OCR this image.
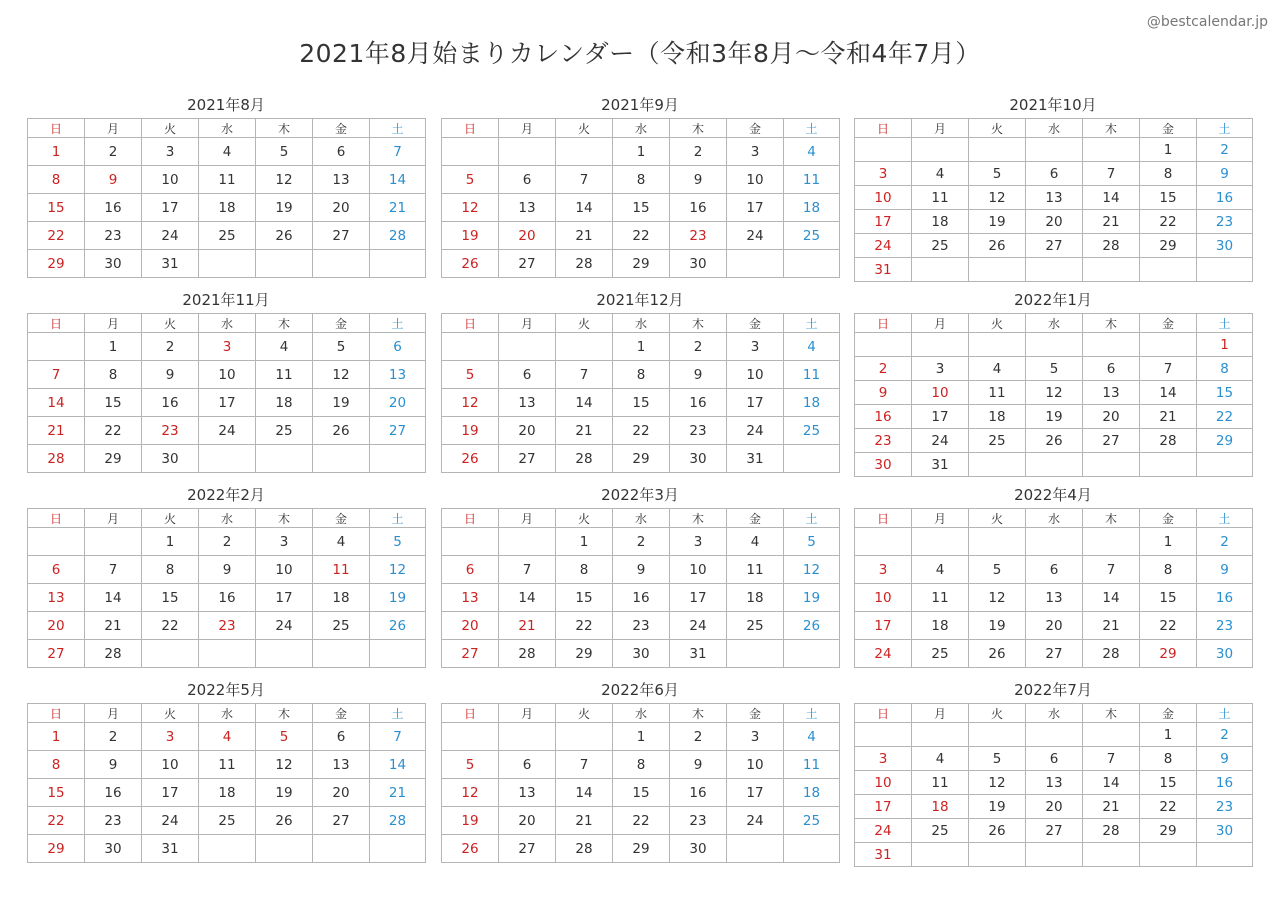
@bestcalendar.jp
2021年8月始まりカレンダー（令和3年8月〜令和4年7月）
2021年8月
日	月	火	水	木	金	土
1	2	3	4	5	6	7
8	9	10	11	12	13	14
15	16	17	18	19	20	21
22	23	24	25	26	27	28
29	30	31				
2021年9月
日	月	火	水	木	金	土
			1	2	3	4
5	6	7	8	9	10	11
12	13	14	15	16	17	18
19	20	21	22	23	24	25
26	27	28	29	30		
2021年10月
日	月	火	水	木	金	土
					1	2
3	4	5	6	7	8	9
10	11	12	13	14	15	16
17	18	19	20	21	22	23
24	25	26	27	28	29	30
31						
2021年11月
日	月	火	水	木	金	土
	1	2	3	4	5	6
7	8	9	10	11	12	13
14	15	16	17	18	19	20
21	22	23	24	25	26	27
28	29	30				
2021年12月
日	月	火	水	木	金	土
			1	2	3	4
5	6	7	8	9	10	11
12	13	14	15	16	17	18
19	20	21	22	23	24	25
26	27	28	29	30	31	
2022年1月
日	月	火	水	木	金	土
						1
2	3	4	5	6	7	8
9	10	11	12	13	14	15
16	17	18	19	20	21	22
23	24	25	26	27	28	29
30	31					
2022年2月
日	月	火	水	木	金	土
		1	2	3	4	5
6	7	8	9	10	11	12
13	14	15	16	17	18	19
20	21	22	23	24	25	26
27	28					
2022年3月
日	月	火	水	木	金	土
		1	2	3	4	5
6	7	8	9	10	11	12
13	14	15	16	17	18	19
20	21	22	23	24	25	26
27	28	29	30	31		
2022年4月
日	月	火	水	木	金	土
					1	2
3	4	5	6	7	8	9
10	11	12	13	14	15	16
17	18	19	20	21	22	23
24	25	26	27	28	29	30
2022年5月
日	月	火	水	木	金	土
1	2	3	4	5	6	7
8	9	10	11	12	13	14
15	16	17	18	19	20	21
22	23	24	25	26	27	28
29	30	31				
2022年6月
日	月	火	水	木	金	土
			1	2	3	4
5	6	7	8	9	10	11
12	13	14	15	16	17	18
19	20	21	22	23	24	25
26	27	28	29	30		
2022年7月
日	月	火	水	木	金	土
					1	2
3	4	5	6	7	8	9
10	11	12	13	14	15	16
17	18	19	20	21	22	23
24	25	26	27	28	29	30
31						
